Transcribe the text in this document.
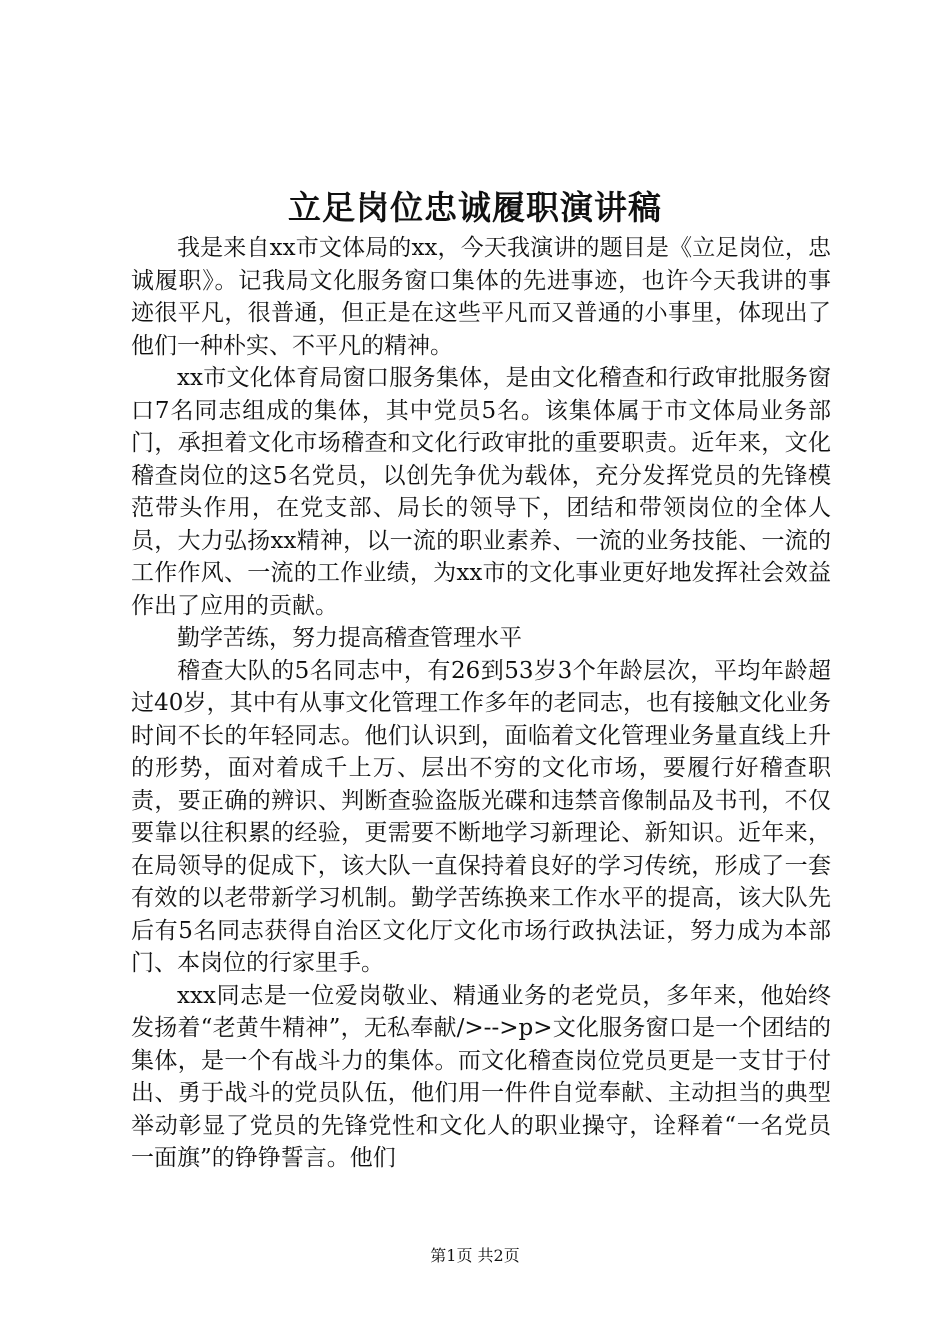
立足岗位忠诚履职演讲稿

我是来自xx市文体局的xx，今天我演讲的题目是《立足岗位，忠诚履职》。记我局文化服务窗口集体的先进事迹，也许今天我讲的事迹很平凡，很普通，但正是在这些平凡而又普通的小事里，体现出了他们一种朴实、不平凡的精神。

xx市文化体育局窗口服务集体，是由文化稽查和行政审批服务窗口7名同志组成的集体，其中党员5名。该集体属于市文体局业务部门，承担着文化市场稽查和文化行政审批的重要职责。近年来，文化稽查岗位的这5名党员，以创先争优为载体，充分发挥党员的先锋模范带头作用，在党支部、局长的领导下，团结和带领岗位的全体人员，大力弘扬xx精神，以一流的职业素养、一流的业务技能、一流的工作作风、一流的工作业绩，为xx市的文化事业更好地发挥社会效益作出了应用的贡献。

勤学苦练，努力提高稽查管理水平

稽查大队的5名同志中，有26到53岁3个年龄层次，平均年龄超过40岁，其中有从事文化管理工作多年的老同志，也有接触文化业务时间不长的年轻同志。他们认识到，面临着文化管理业务量直线上升的形势，面对着成千上万、层出不穷的文化市场，要履行好稽查职责，要正确的辨识、判断查验盗版光碟和违禁音像制品及书刊，不仅要靠以往积累的经验，更需要不断地学习新理论、新知识。近年来，在局领导的促成下，该大队一直保持着良好的学习传统，形成了一套有效的以老带新学习机制。勤学苦练换来工作水平的提高，该大队先后有5名同志获得自治区文化厅文化市场行政执法证，努力成为本部门、本岗位的行家里手。

xxx同志是一位爱岗敬业、精通业务的老党员，多年来，他始终发扬着“老黄牛精神”，无私奉献/>-->p>文化服务窗口是一个团结的集体，是一个有战斗力的集体。而文化稽查岗位党员更是一支甘于付出、勇于战斗的党员队伍，他们用一件件自觉奉献、主动担当的典型举动彰显了党员的先锋党性和文化人的职业操守，诠释着“一名党员一面旗”的铮铮誓言。他们

第1页 共2页
